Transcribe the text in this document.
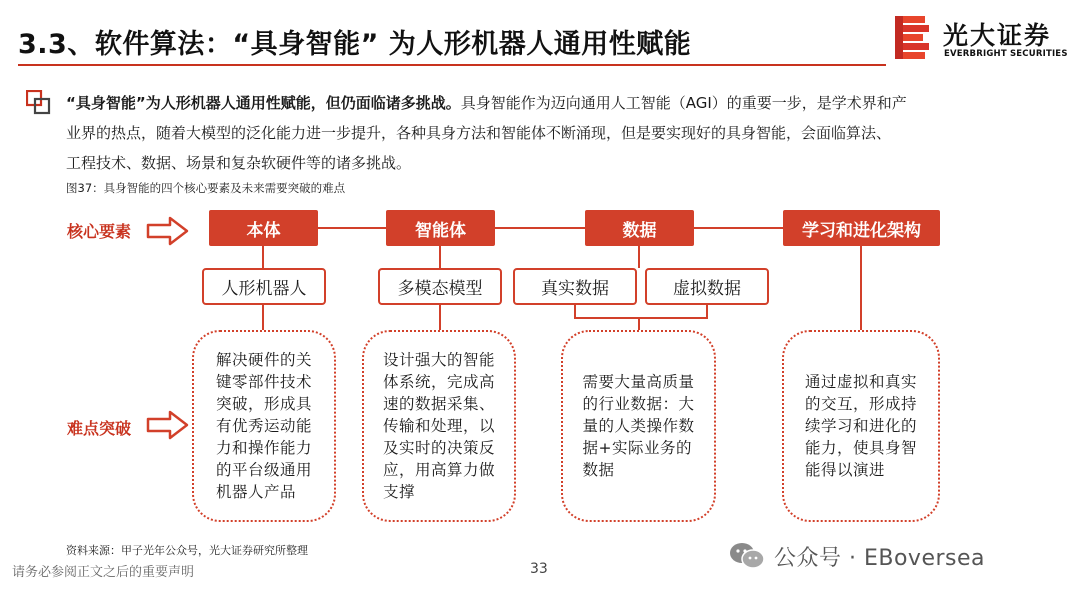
3.3、软件算法：“具身智能” 为人形机器人通用性赋能	光大证券
EVERBRIGHT SECURITIES

“具身智能”为人形机器人通用性赋能，但仍面临诸多挑战。具身智能作为迈向通用人工智能（AGI）的重要一步，是学术界和产

业界的热点，随着大模型的泛化能力进一步提升，各种具身方法和智能体不断涌现，但是要实现好的具身智能，会面临算法、

工程技术、数据、场景和复杂软硬件等的诸多挑战。

图37：具身智能的四个核心要素及未来需要突破的难点
核心要素
难点突破
本体	智能体	数据	学习和进化架构
人形机器人	多模态模型	真实数据	虚拟数据
解决硬件的关
键零部件技术
突破，形成具
有优秀运动能
力和操作能力
的平台级通用
机器人产品
设计强大的智能
体系统，完成高
速的数据采集、
传输和处理，以
及实时的决策反
应，用高算力做
支撑
需要大量高质量
的行业数据：大
量的人类操作数
据+实际业务的
数据
通过虚拟和真实
的交互，形成持
续学习和进化的
能力，使具身智
能得以演进
资料来源：甲子光年公众号，光大证券研究所整理
请务必参阅正文之后的重要声明	33	公众号 · EBoversea
